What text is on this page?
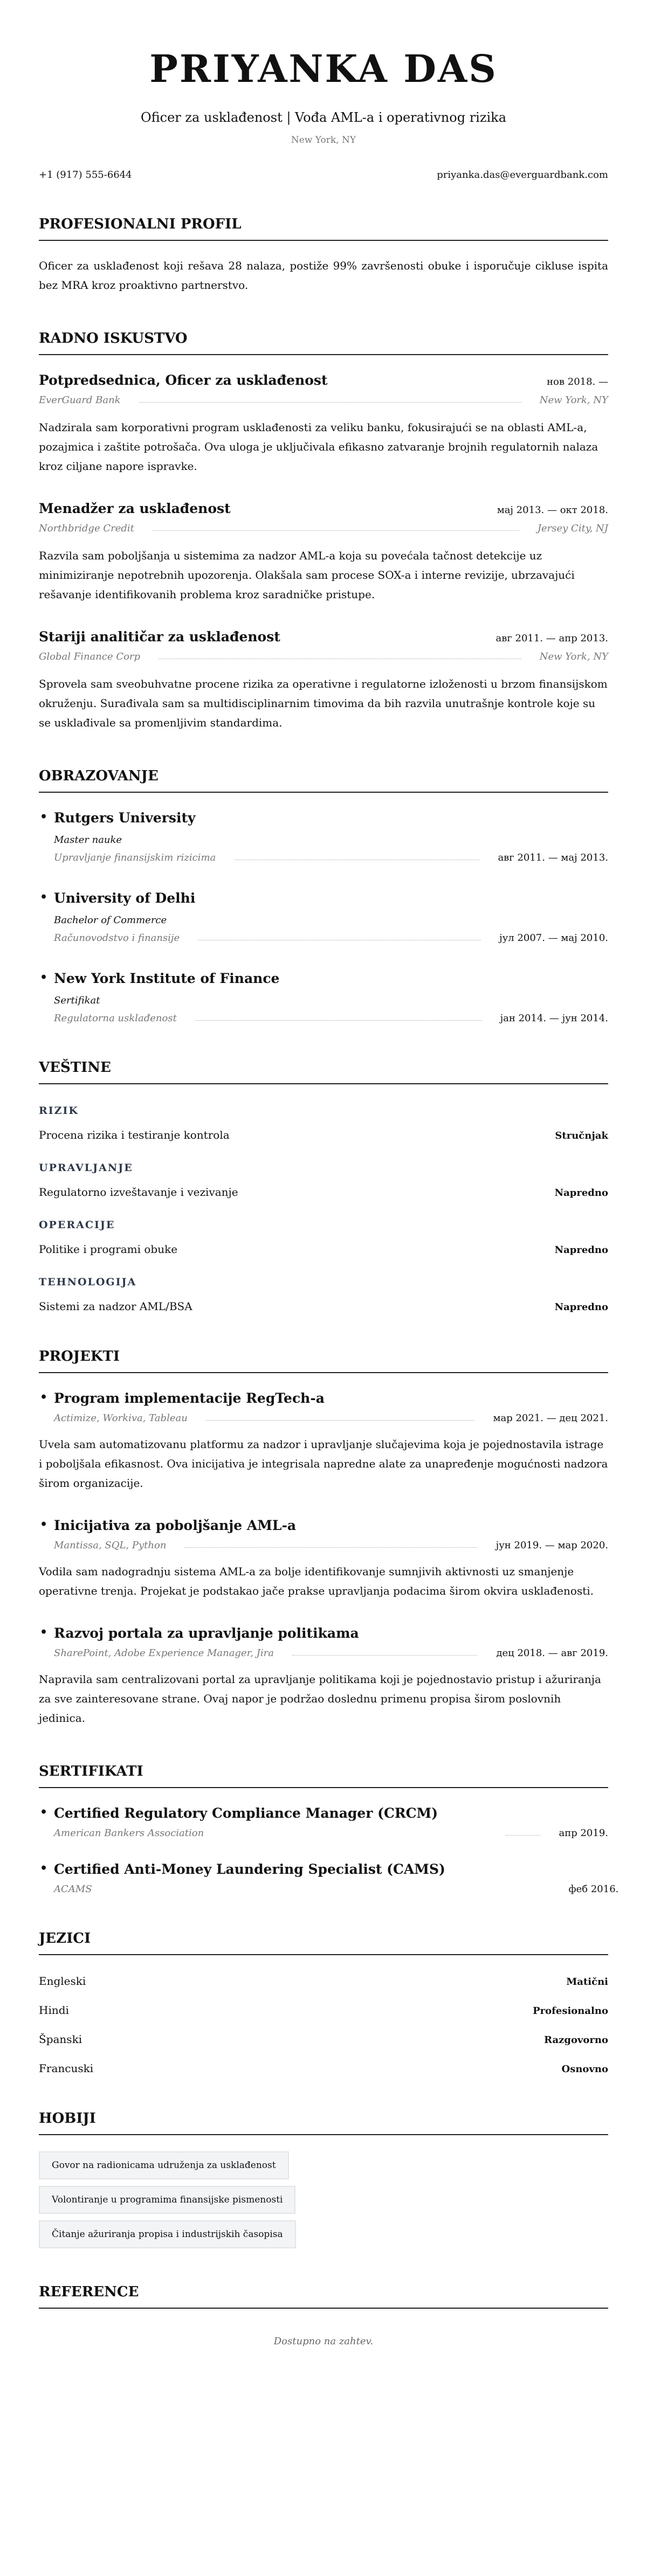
PRIYANKA DAS
Oficer za usklađenost | Vođa AML-a i operativnog rizika
New York, NY
+1 (917) 555-6644	priyanka.das@everguardbank.com
PROFESIONALNI PROFIL

Oficer za usklađenost koji rešava 28 nalaza, postiže 99% završenosti obuke i isporučuje cikluse ispita bez MRA kroz proaktivno partnerstvo.

RADNO ISKUSTVO
Potpredsednica, Oficer za usklađenost	нов 2018. —
EverGuard Bank	New York, NY

Nadzirala sam korporativni program usklađenosti za veliku banku, fokusirajući se na oblasti AML-a, pozajmica i zaštite potrošača. Ova uloga je uključivala efikasno zatvaranje brojnih regulatornih nalaza kroz ciljane napore ispravke.

Menadžer za usklađenost	мај 2013. — окт 2018.
Northbridge Credit	Jersey City, NJ

Razvila sam poboljšanja u sistemima za nadzor AML-a koja su povećala tačnost detekcije uz minimiziranje nepotrebnih upozorenja. Olakšala sam procese SOX-a i interne revizije, ubrzavajući rešavanje identifikovanih problema kroz saradničke pristupe.

Stariji analitičar za usklađenost	авг 2011. — апр 2013.
Global Finance Corp	New York, NY

Sprovela sam sveobuhvatne procene rizika za operativne i regulatorne izloženosti u brzom finansijskom okruženju. Surađivala sam sa multidisciplinarnim timovima da bih razvila unutrašnje kontrole koje su se usklađivale sa promenljivim standardima.

OBRAZOVANJE
• Rutgers University
Master nauke
Upravljanje finansijskim rizicima	авг 2011. — мај 2013.
• University of Delhi
Bachelor of Commerce
Računovodstvo i finansije	јул 2007. — мај 2010.
• New York Institute of Finance
Sertifikat
Regulatorna usklađenost	јан 2014. — јун 2014.
VEŠTINE
RIZIK
Procena rizika i testiranje kontrola	Stručnjak
UPRAVLJANJE
Regulatorno izveštavanje i vezivanje	Napredno
OPERACIJE
Politike i programi obuke	Napredno
TEHNOLOGIJA
Sistemi za nadzor AML/BSA	Napredno
PROJEKTI
• Program implementacije RegTech-a
Actimize, Workiva, Tableau	мар 2021. — дец 2021.

Uvela sam automatizovanu platformu za nadzor i upravljanje slučajevima koja je pojednostavila istrage i poboljšala efikasnost. Ova inicijativa je integrisala napredne alate za unapređenje mogućnosti nadzora širom organizacije.

• Inicijativa za poboljšanje AML-a
Mantissa, SQL, Python	јун 2019. — мар 2020.

Vodila sam nadogradnju sistema AML-a za bolje identifikovanje sumnjivih aktivnosti uz smanjenje operativne trenja. Projekat je podstakao jače prakse upravljanja podacima širom okvira usklađenosti.

• Razvoj portala za upravljanje politikama
SharePoint, Adobe Experience Manager, Jira	дец 2018. — авг 2019.

Napravila sam centralizovani portal za upravljanje politikama koji je pojednostavio pristup i ažuriranja za sve zainteresovane strane. Ovaj napor je podržao doslednu primenu propisa širom poslovnih jedinica.

SERTIFIKATI
• Certified Regulatory Compliance Manager (CRCM)
American Bankers Association	апр 2019.
• Certified Anti-Money Laundering Specialist (CAMS)
ACAMS	феб 2016.
JEZICI
Engleski	Matični
Hindi	Profesionalno
Španski	Razgovorno
Francuski	Osnovno
HOBIJI
Govor na radionicama udruženja za usklađenost
Volontiranje u programima finansijske pismenosti
Čitanje ažuriranja propisa i industrijskih časopisa
REFERENCE

Dostupno na zahtev.
